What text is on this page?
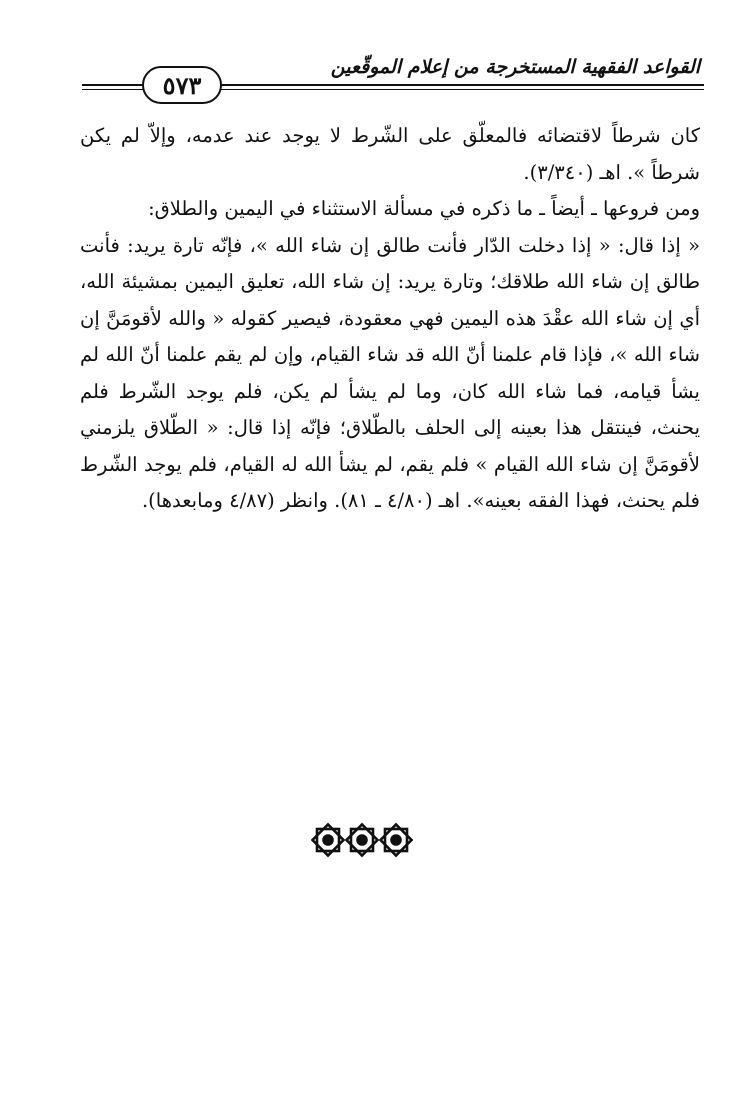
القواعد الفقهية المستخرجة من إعلام الموقّعين
٥٧٣

كان شرطاً لاقتضائه فالمعلّق على الشّرط لا يوجد عند عدمه، وإلاّ لم يكن شرطاً ». اهـ (٣/٣٤٠).

ومن فروعها ـ أيضاً ـ ما ذكره في مسألة الاستثناء في اليمين والطلاق:

« إذا قال: « إذا دخلت الدّار فأنت طالق إن شاء الله »، فإنّه تارة يريد: فأنت طالق إن شاء الله طلاقك؛ وتارة يريد: إن شاء الله، تعليق اليمين بمشيئة الله، أي إن شاء الله عقْدَ هذه اليمين فهي معقودة، فيصير كقوله « والله لأقومَنَّ إن شاء الله »، فإذا قام علمنا أنّ الله قد شاء القيام، وإن لم يقم علمنا أنّ الله لم يشأ قيامه، فما شاء الله كان، وما لم يشأ لم يكن، فلم يوجد الشّرط فلم يحنث، فينتقل هذا بعينه إلى الحلف بالطّلاق؛ فإنّه إذا قال: « الطّلاق يلزمني لأقومَنَّ إن شاء الله القيام » فلم يقم، لم يشأ الله له القيام، فلم يوجد الشّرط فلم يحنث، فهذا الفقه بعينه». اهـ (٤/٨٠ ـ ٨١). وانظر (٤/٨٧ ومابعدها).
